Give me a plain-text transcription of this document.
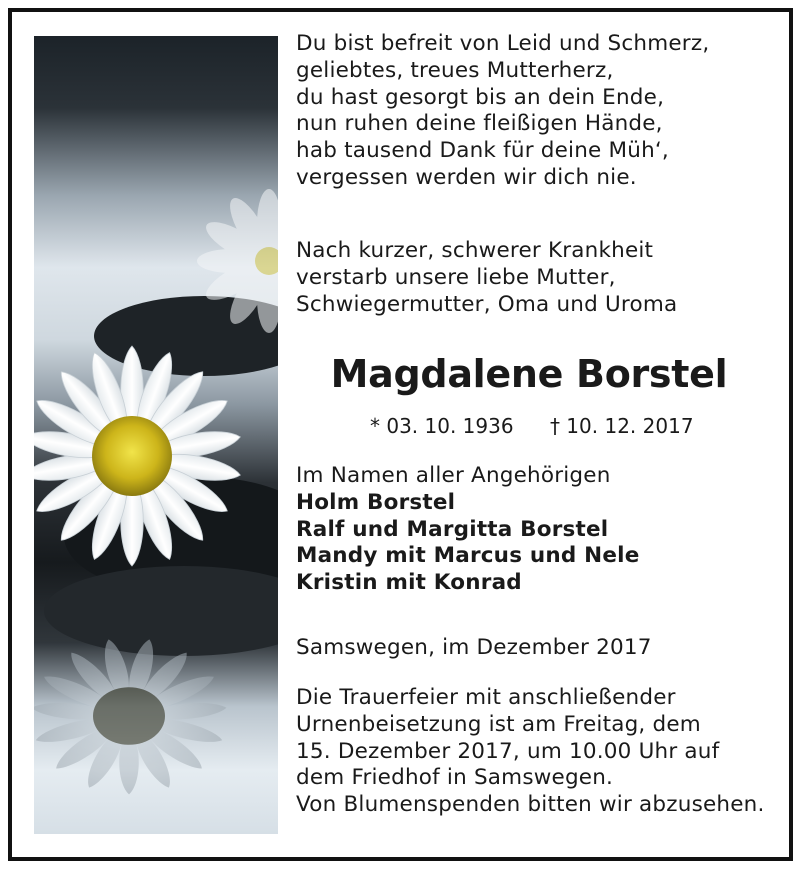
Du bist befreit von Leid und Schmerz,
geliebtes, treues Mutterherz,
du hast gesorgt bis an dein Ende,
nun ruhen deine fleißigen Hände,
hab tausend Dank für deine Müh‘,
vergessen werden wir dich nie.
Nach kurzer, schwerer Krankheit
verstarb unsere liebe Mutter,
Schwiegermutter, Oma und Uroma
Magdalene Borstel
* 03. 10. 1936 † 10. 12. 2017
Im Namen aller Angehörigen
Holm Borstel
Ralf und Margitta Borstel
Mandy mit Marcus und Nele
Kristin mit Konrad
Samswegen, im Dezember 2017
Die Trauerfeier mit anschließender
Urnenbeisetzung ist am Freitag, dem
15. Dezember 2017, um 10.00 Uhr auf
dem Friedhof in Samswegen.
Von Blumenspenden bitten wir abzusehen.
